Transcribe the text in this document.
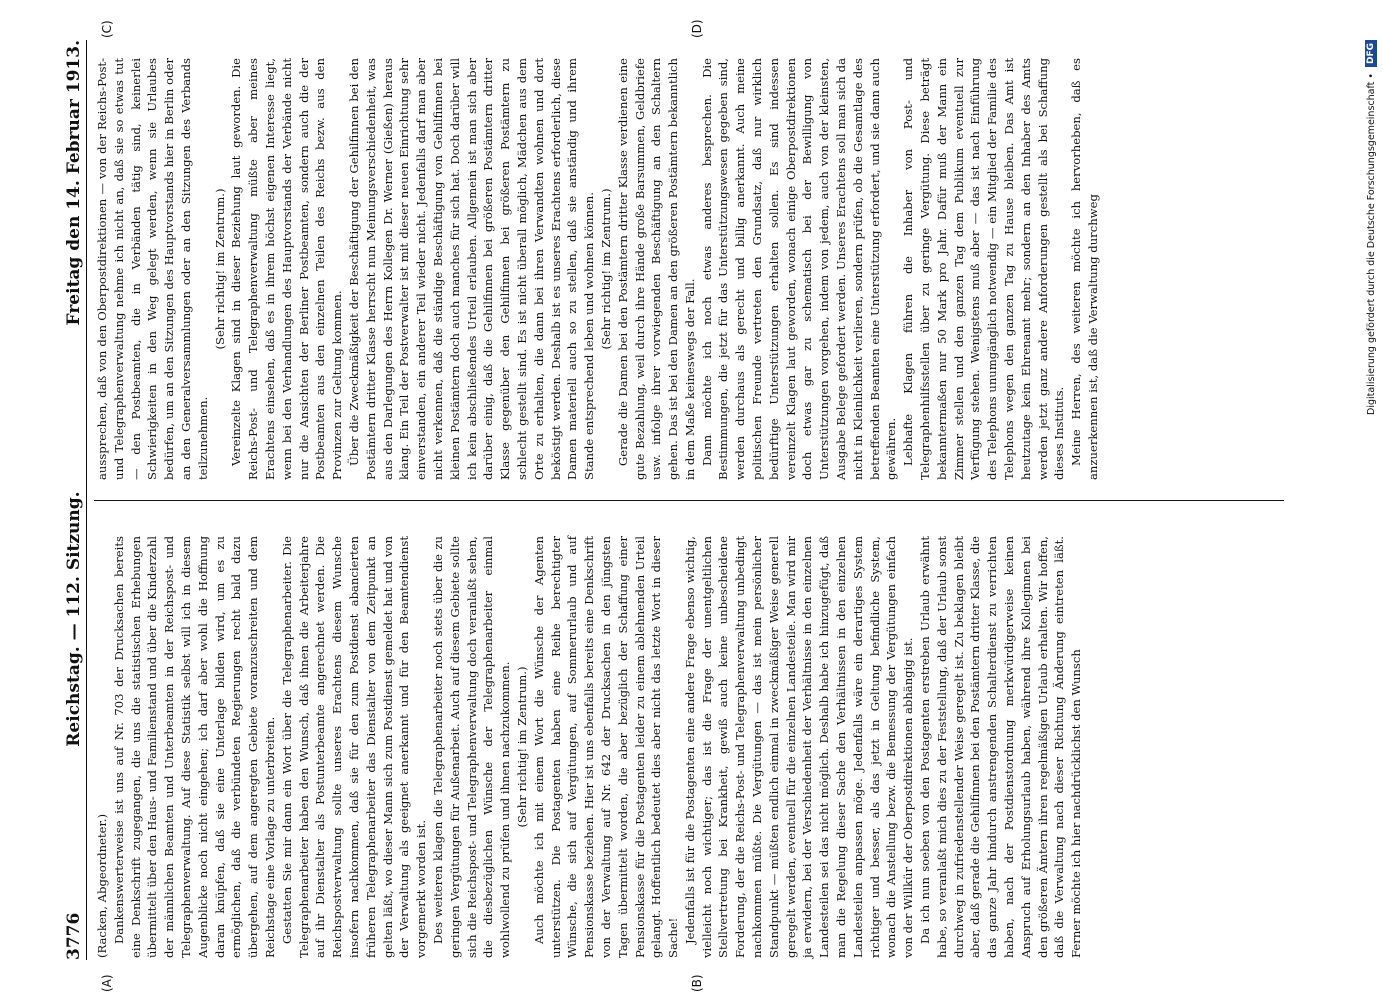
3776
Reichstag. — 112. Sitzung.
Freitag den 14. Februar 1913.
(A)	(B)
(C)	(D)

(Racken, Abgeordneter.) Dankenswerterweise ist uns auf Nr. 703 der Drucksachen bereits eine Denkschrift zugegangen, die uns die statistischen Erhebungen übermittelt über den Haus- und Familienstand und über die Kinderzahl der männlichen Beamten und Unterbeamten in der Reichspost- und Telegraphenverwaltung. Auf diese Statistik selbst will ich in diesem Augenblicke noch nicht eingehen; ich darf aber wohl die Hoffnung daran knüpfen, daß sie eine Unterlage bilden wird, um es zu ermöglichen, daß die verbündeten Regierungen recht bald dazu übergehen, auf dem angeregten Gebiete voranzuschreiten und dem Reichstage eine Vorlage zu unterbreiten. Gestatten Sie mir dann ein Wort über die Telegraphenarbeiter. Die Telegraphenarbeiter haben den Wunsch, daß ihnen die Arbeiterjahre auf ihr Dienstalter als Postunterbeamte angerechnet werden. Die Reichspostverwaltung sollte unseres Erachtens diesem Wunsche insofern nachkommen, daß sie für den zum Postdienst abancierten früheren Telegraphenarbeiter das Dienstalter von dem Zeitpunkt an gelten läßt, wo dieser Mann sich zum Postdienst gemeldet hat und von der Verwaltung als geeignet anerkannt und für den Beamtendienst vorgemerkt worden ist. Des weiteren klagen die Telegraphenarbeiter noch stets über die zu geringen Vergütungen für Außenarbeit. Auch auf diesem Gebiete sollte sich die Reichspost- und Telegraphenverwaltung doch veranlaßt sehen, die diesbezüglichen Wünsche der Telegraphenarbeiter einmal wohlwollend zu prüfen und ihnen nachzukommen. (Sehr richtig! im Zentrum.) Auch möchte ich mit einem Wort die Wünsche der Agenten unterstützen. Die Postagenten haben eine Reihe berechtigter Wünsche, die sich auf Vergütungen, auf Sommerurlaub und auf Pensionskasse beziehen. Hier ist uns ebenfalls bereits eine Denkschrift von der Verwaltung auf Nr. 642 der Drucksachen in den jüngsten Tagen übermittelt worden, die aber bezüglich der Schaffung einer Pensionskasse für die Postagenten leider zu einem ablehnenden Urteil gelangt. Hoffentlich bedeutet dies aber nicht das letzte Wort in dieser Sache! Jedenfalls ist für die Postagenten eine andere Frage ebenso wichtig, vielleicht noch wichtiger; das ist die Frage der unentgeltlichen Stellvertretung bei Krankheit, gewiß auch keine unbescheidene Forderung, der die Reichs-Post- und Telegraphenverwaltung unbedingt nachkommen müßte. Die Vergütungen — das ist mein persönlicher Standpunkt — müßten endlich einmal in zweckmäßiger Weise generell geregelt werden, eventuell für die einzelnen Landesteile. Man wird mir ja erwidern, bei der Verschiedenheit der Verhältnisse in den einzelnen Landesteilen sei das nicht möglich. Deshalb habe ich hinzugefügt, daß man die Regelung dieser Sache den Verhältnissen in den einzelnen Landesteilen anpassen möge. Jedenfalls wäre ein derartiges System richtiger und besser, als das jetzt in Geltung befindliche System, wonach die Anstellung bezw. die Bemessung der Vergütungen einfach von der Willkür der Oberpostdirektionen abhängig ist. Da ich nun soeben von den Postagenten erstreben Urlaub erwähnt habe, so veranlaßt mich dies zu der Feststellung, daß der Urlaub sonst durchweg in zufriedenstellender Weise geregelt ist. Zu beklagen bleibt aber, daß gerade die Gehilfinnen bei den Postämtern dritter Klasse, die das ganze Jahr hindurch anstrengenden Schalterdienst zu verrichten haben, nach der Postdienstordnung merkwürdigerweise keinen Anspruch auf Erholungsurlaub haben, während ihre Kolleginnen bei den größeren Ämtern ihren regelmäßigen Urlaub erhalten. Wir hoffen, daß die Verwaltung nach dieser Richtung Änderung eintreten läßt. Ferner möchte ich hier nachdrücklichst den Wunsch

aussprechen, daß von den Oberpostdirektionen — von der Reichs-Post- und Telegraphenverwaltung nehme ich nicht an, daß sie so etwas tut — den Postbeamten, die in Verbänden tätig sind, keinerlei Schwierigkeiten in den Weg gelegt werden, wenn sie Urlaubes bedürfen, um an den Sitzungen des Hauptvorstands hier in Berlin oder an den Generalversammlungen oder an den Sitzungen des Verbands teilzunehmen.

(Sehr richtig! im Zentrum.) Vereinzelte Klagen sind in dieser Beziehung laut geworden. Die Reichs-Post- und Telegraphenverwaltung müßte aber meines Erachtens einsehen, daß es in ihrem höchst eigenen Interesse liegt, wenn bei den Verhandlungen des Hauptvorstands der Verbände nicht nur die Ansichten der Berliner Postbeamten, sondern auch die der Postbeamten aus den einzelnen Teilen des Reichs bezw. aus den Provinzen zur Geltung kommen. Über die Zweckmäßigkeit der Beschäftigung der Gehilfinnen bei den Postämtern dritter Klasse herrscht nun Meinungsverschiedenheit, was aus den Darlegungen des Herrn Kollegen Dr. Werner (Gießen) heraus klang. Ein Teil der Postverwalter ist mit dieser neuen Einrichtung sehr einverstanden, ein anderer Teil wieder nicht. Jedenfalls darf man aber nicht verkennen, daß die ständige Beschäftigung von Gehilfinnen bei kleinen Postämtern doch auch manches für sich hat. Doch darüber will ich kein abschließendes Urteil erlauben. Allgemein ist man sich aber darüber einig, daß die Gehilfinnen bei größeren Postämtern dritter Klasse gegenüber den Gehilfinnen bei größeren Postämtern zu schlecht gestellt sind. Es ist nicht überall möglich, Mädchen aus dem Orte zu erhalten, die dann bei ihren Verwandten wohnen und dort beköstigt werden. Deshalb ist es unseres Erachtens erforderlich, diese Damen materiell auch so zu stellen, daß sie anständig und ihrem Stande entsprechend leben und wohnen können. (Sehr richtig! im Zentrum.) Gerade die Damen bei den Postämtern dritter Klasse verdienen eine gute Bezahlung, weil durch ihre Hände große Barsummen, Geldbriefe usw. infolge ihrer vorwiegenden Beschäftigung an den Schaltern gehen. Das ist bei den Damen an den größeren Postämtern bekanntlich in dem Maße keineswegs der Fall. Dann möchte ich noch etwas anderes besprechen. Die Bestimmungen, die jetzt für das Unterstützungswesen gegeben sind, werden durchaus als gerecht und billig anerkannt. Auch meine politischen Freunde vertreten den Grundsatz, daß nur wirklich bedürftige Unterstützungen erhalten sollen. Es sind indessen vereinzelt Klagen laut geworden, wonach einige Oberpostdirektionen doch etwas gar zu schematisch bei der Bewilligung von Unterstützungen vorgehen, indem von jedem, auch von der kleinsten, Ausgabe Belege gefordert werden. Unseres Erachtens soll man sich da nicht in Kleinlichkeit verlieren, sondern prüfen, ob die Gesamtlage des betreffenden Beamten eine Unterstützung erfordert, und sie dann auch gewähren. Lebhafte Klagen führen die Inhaber von Post- und Telegraphenhilfsstellen über zu geringe Vergütung. Diese beträgt bekanntermaßen nur 50 Mark pro Jahr. Dafür muß der Mann ein Zimmer stellen und den ganzen Tag dem Publikum eventuell zur Verfügung stehen. Wenigstens muß aber — das ist nach Einführung des Telephons unumgänglich notwendig — ein Mitglied der Familie des Telephons wegen den ganzen Tag zu Hause bleiben. Das Amt ist heutzutage kein Ehrenamt mehr; sondern an den Inhaber des Amts werden jetzt ganz andere Anforderungen gestellt als bei Schaffung dieses Instituts. Meine Herren, des weiteren möchte ich hervorheben, daß es anzuerkennen ist, daß die Verwaltung durchweg	Digitalisierung gefördert durch die Deutsche Forschungsgemeinschaft •
DFG
